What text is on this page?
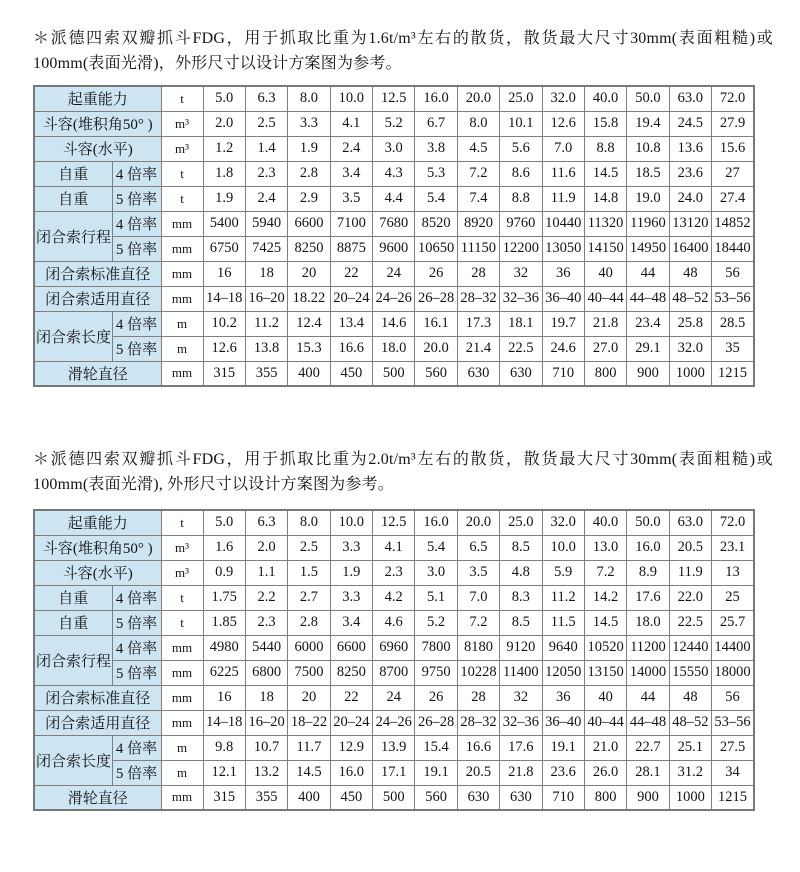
＊派德四索双瓣抓斗FDG，用于抓取比重为1.6t/m³左右的散货，散货最大尺寸30mm(表面粗糙)或100mm(表面光滑)，外形尺寸以设计方案图为参考。

起重能力		t	5.0	6.3	8.0	10.0	12.5	16.0	20.0	25.0	32.0	40.0	50.0	63.0	72.0
斗容(堆积角50° )		m³	2.0	2.5	3.3	4.1	5.2	6.7	8.0	10.1	12.6	15.8	19.4	24.5	27.9
斗容(水平)		m³	1.2	1.4	1.9	2.4	3.0	3.8	4.5	5.6	7.0	8.8	10.8	13.6	15.6
自重	4 倍率	t	1.8	2.3	2.8	3.4	4.3	5.3	7.2	8.6	11.6	14.5	18.5	23.6	27
自重	5 倍率	t	1.9	2.4	2.9	3.5	4.4	5.4	7.4	8.8	11.9	14.8	19.0	24.0	27.4
闭合索行程	4 倍率	mm	5400	5940	6600	7100	7680	8520	8920	9760	10440	11320	11960	13120	14852
	5 倍率	mm	6750	7425	8250	8875	9600	10650	11150	12200	13050	14150	14950	16400	18440
闭合索标准直径		mm	16	18	20	22	24	26	28	32	36	40	44	48	56
闭合索适用直径		mm	14–18	16–20	18.22	20–24	24–26	26–28	28–32	32–36	36–40	40–44	44–48	48–52	53–56
闭合索长度	4 倍率	m	10.2	11.2	12.4	13.4	14.6	16.1	17.3	18.1	19.7	21.8	23.4	25.8	28.5
	5 倍率	m	12.6	13.8	15.3	16.6	18.0	20.0	21.4	22.5	24.6	27.0	29.1	32.0	35
滑轮直径		mm	315	355	400	450	500	560	630	630	710	800	900	1000	1215

＊派德四索双瓣抓斗FDG，用于抓取比重为2.0t/m³左右的散货，散货最大尺寸30mm(表面粗糙)或100mm(表面光滑), 外形尺寸以设计方案图为参考。

起重能力		t	5.0	6.3	8.0	10.0	12.5	16.0	20.0	25.0	32.0	40.0	50.0	63.0	72.0
斗容(堆积角50° )		m³	1.6	2.0	2.5	3.3	4.1	5.4	6.5	8.5	10.0	13.0	16.0	20.5	23.1
斗容(水平)		m³	0.9	1.1	1.5	1.9	2.3	3.0	3.5	4.8	5.9	7.2	8.9	11.9	13
自重	4 倍率	t	1.75	2.2	2.7	3.3	4.2	5.1	7.0	8.3	11.2	14.2	17.6	22.0	25
自重	5 倍率	t	1.85	2.3	2.8	3.4	4.6	5.2	7.2	8.5	11.5	14.5	18.0	22.5	25.7
闭合索行程	4 倍率	mm	4980	5440	6000	6600	6960	7800	8180	9120	9640	10520	11200	12440	14400
	5 倍率	mm	6225	6800	7500	8250	8700	9750	10228	11400	12050	13150	14000	15550	18000
闭合索标准直径		mm	16	18	20	22	24	26	28	32	36	40	44	48	56
闭合索适用直径		mm	14–18	16–20	18–22	20–24	24–26	26–28	28–32	32–36	36–40	40–44	44–48	48–52	53–56
闭合索长度	4 倍率	m	9.8	10.7	11.7	12.9	13.9	15.4	16.6	17.6	19.1	21.0	22.7	25.1	27.5
	5 倍率	m	12.1	13.2	14.5	16.0	17.1	19.1	20.5	21.8	23.6	26.0	28.1	31.2	34
滑轮直径		mm	315	355	400	450	500	560	630	630	710	800	900	1000	1215
